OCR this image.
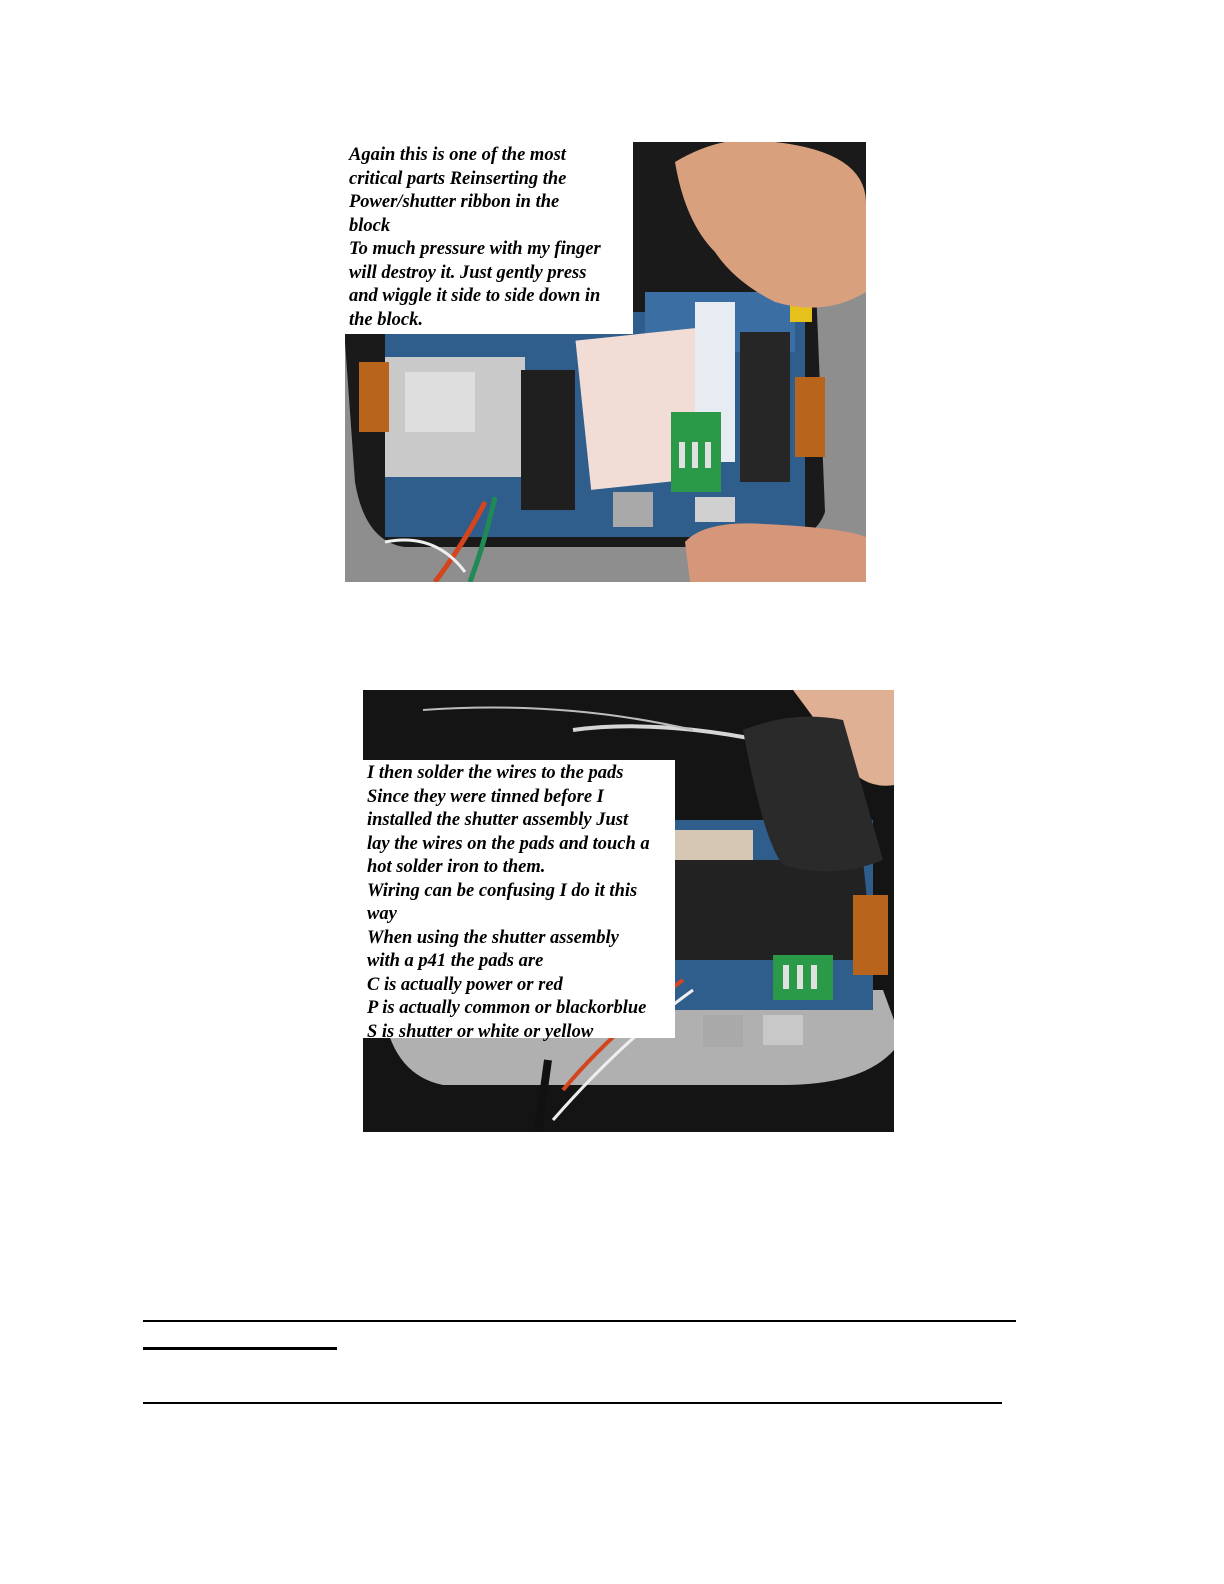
Again this is one of the most
critical parts Reinserting the
Power/shutter ribbon in the
block
To much pressure with my finger
will destroy it. Just gently press
and wiggle it side to side down in
the block.
I then solder the wires to the pads
Since they were tinned before I
installed the shutter assembly Just
lay the wires on the pads and touch a
hot solder iron to them.
Wiring can be confusing I do it this
way
When using the shutter assembly
with a p41 the pads are
C is actually power or red
P is actually common or blackorblue
S is shutter or white or yellow
